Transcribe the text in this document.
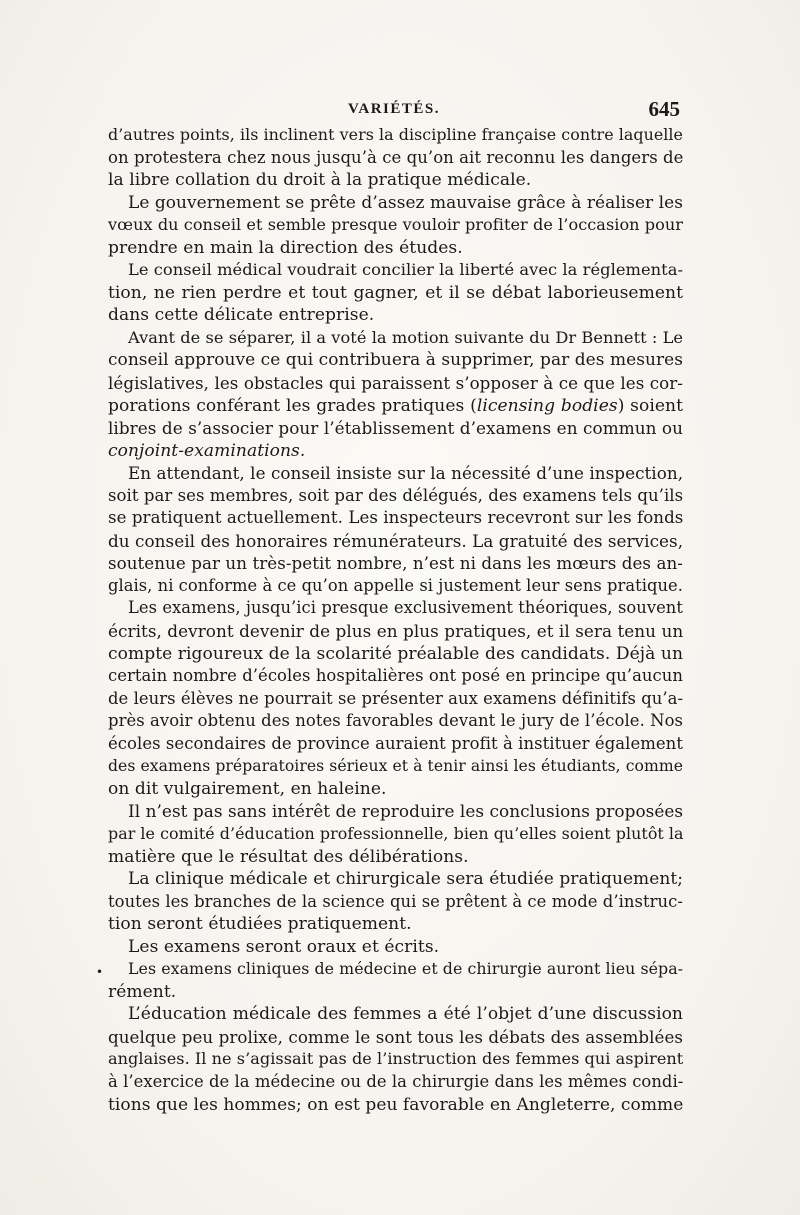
VARIÉTÉS.	645
d’autres points, ils inclinent vers la discipline française contre laquelle
on protestera chez nous jusqu’à ce qu’on ait reconnu les dangers de
la libre collation du droit à la pratique médicale.
Le gouvernement se prête d’assez mauvaise grâce à réaliser les
vœux du conseil et semble presque vouloir profiter de l’occasion pour
prendre en main la direction des études.
Le conseil médical voudrait concilier la liberté avec la réglementa-
tion, ne rien perdre et tout gagner, et il se débat laborieusement
dans cette délicate entreprise.
Avant de se séparer, il a voté la motion suivante du Dr Bennett : Le
conseil approuve ce qui contribuera à supprimer, par des mesures
législatives, les obstacles qui paraissent s’opposer à ce que les cor-
porations conférant les grades pratiques (licensing bodies) soient
libres de s’associer pour l’établissement d’examens en commun ou
conjoint-examinations.
En attendant, le conseil insiste sur la nécessité d’une inspection,
soit par ses membres, soit par des délégués, des examens tels qu’ils
se pratiquent actuellement. Les inspecteurs recevront sur les fonds
du conseil des honoraires rémunérateurs. La gratuité des services,
soutenue par un très-petit nombre, n’est ni dans les mœurs des an-
glais, ni conforme à ce qu’on appelle si justement leur sens pratique.
Les examens, jusqu’ici presque exclusivement théoriques, souvent
écrits, devront devenir de plus en plus pratiques, et il sera tenu un
compte rigoureux de la scolarité préalable des candidats. Déjà un
certain nombre d’écoles hospitalières ont posé en principe qu’aucun
de leurs élèves ne pourrait se présenter aux examens définitifs qu’a-
près avoir obtenu des notes favorables devant le jury de l’école. Nos
écoles secondaires de province auraient profit à instituer également
des examens préparatoires sérieux et à tenir ainsi les étudiants, comme
on dit vulgairement, en haleine.
Il n’est pas sans intérêt de reproduire les conclusions proposées
par le comité d’éducation professionnelle, bien qu’elles soient plutôt la
matière que le résultat des délibérations.
La clinique médicale et chirurgicale sera étudiée pratiquement;
toutes les branches de la science qui se prêtent à ce mode d’instruc-
tion seront étudiées pratiquement.
Les examens seront oraux et écrits.
Les examens cliniques de médecine et de chirurgie auront lieu sépa-
rément.
L’éducation médicale des femmes a été l’objet d’une discussion
quelque peu prolixe, comme le sont tous les débats des assemblées
anglaises. Il ne s’agissait pas de l’instruction des femmes qui aspirent
à l’exercice de la médecine ou de la chirurgie dans les mêmes condi-
tions que les hommes; on est peu favorable en Angleterre, comme
•
